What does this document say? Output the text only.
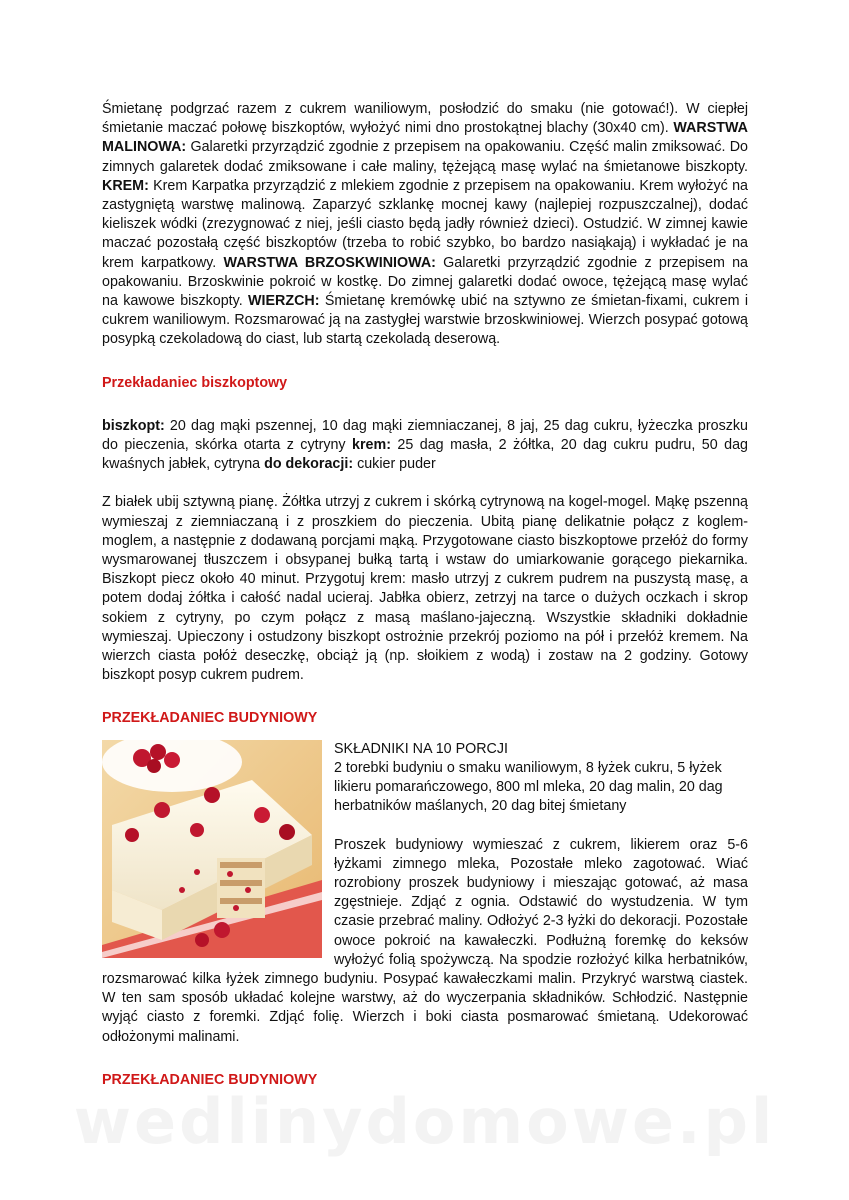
Śmietanę podgrzać razem z cukrem waniliowym, posłodzić do smaku (nie gotować!). W ciepłej śmietanie maczać połowę biszkoptów, wyłożyć nimi dno prostokątnej blachy (30x40 cm). WARSTWA MALINOWA: Galaretki przyrządzić zgodnie z przepisem na opakowaniu. Część malin zmiksować. Do zimnych galaretek dodać zmiksowane i całe maliny, tężejącą masę wylać na śmietanowe biszkopty. KREM: Krem Karpatka przyrządzić z mlekiem zgodnie z przepisem na opakowaniu. Krem wyłożyć na zastygniętą warstwę malinową. Zaparzyć szklankę mocnej kawy (najlepiej rozpuszczalnej), dodać kieliszek wódki (zrezygnować z niej, jeśli ciasto będą jadły również dzieci). Ostudzić. W zimnej kawie maczać pozostałą część biszkoptów (trzeba to robić szybko, bo bardzo nasiąkają) i wykładać je na krem karpatkowy. WARSTWA BRZOSKWINIOWA: Galaretki przyrządzić zgodnie z przepisem na opakowaniu. Brzoskwinie pokroić w kostkę. Do zimnej galaretki dodać owoce, tężejącą masę wylać na kawowe biszkopty. WIERZCH: Śmietanę kremówkę ubić na sztywno ze śmietan-fixami, cukrem i cukrem waniliowym. Rozsmarować ją na zastygłej warstwie brzoskwiniowej. Wierzch posypać gotową posypką czekoladową do ciast, lub startą czekoladą deserową.

Przekładaniec biszkoptowy

biszkopt: 20 dag mąki pszennej, 10 dag mąki ziemniaczanej, 8 jaj, 25 dag cukru, łyżeczka proszku do pieczenia, skórka otarta z cytryny krem: 25 dag masła, 2 żółtka, 20 dag cukru pudru, 50 dag kwaśnych jabłek, cytryna do dekoracji: cukier puder

Z białek ubij sztywną pianę. Żółtka utrzyj z cukrem i skórką cytrynową na kogel-mogel. Mąkę pszenną wymieszaj z ziemniaczaną i z proszkiem do pieczenia. Ubitą pianę delikatnie połącz z koglem-moglem, a następnie z dodawaną porcjami mąką. Przygotowane ciasto biszkoptowe przełóż do formy wysmarowanej tłuszczem i obsypanej bułką tartą i wstaw do umiarkowanie gorącego piekarnika. Biszkopt piecz około 40 minut. Przygotuj krem: masło utrzyj z cukrem pudrem na puszystą masę, a potem dodaj żółtka i całość nadal ucieraj. Jabłka obierz, zetrzyj na tarce o dużych oczkach i skrop sokiem z cytryny, po czym połącz z masą maślano-jajeczną. Wszystkie składniki dokładnie wymieszaj. Upieczony i ostudzony biszkopt ostrożnie przekrój poziomo na pół i przełóż kremem. Na wierzch ciasta połóż deseczkę, obciąż ją (np. słoikiem z wodą) i zostaw na 2 godziny. Gotowy biszkopt posyp cukrem pudrem.

PRZEKŁADANIEC BUDYNIOWY

SKŁADNIKI NA 10 PORCJI

2 torebki budyniu o smaku waniliowym, 8 łyżek cukru, 5 łyżek likieru pomarańczowego, 800 ml mleka, 20 dag malin, 20 dag herbatników maślanych, 20 dag bitej śmietany

Proszek budyniowy wymieszać z cukrem, likierem oraz 5-6 łyżkami zimnego mleka, Pozostałe mleko zagotować. Wiać rozrobiony proszek budyniowy i mieszając gotować, aż masa zgęstnieje. Zdjąć z ognia. Odstawić do wystudzenia. W tym czasie przebrać maliny. Odłożyć 2-3 łyżki do dekoracji. Pozostałe owoce pokroić na kawałeczki. Podłużną foremkę do keksów wyłożyć folią spożywczą. Na spodzie rozłożyć kilka herbatników, rozsmarować kilka łyżek zimnego budyniu. Posypać kawałeczkami malin. Przykryć warstwą ciastek. W ten sam sposób układać kolejne warstwy, aż do wyczerpania składników. Schłodzić. Następnie wyjąć ciasto z foremki. Zdjąć folię. Wierzch i boki ciasta posmarować śmietaną. Udekorować odłożonymi malinami.

PRZEKŁADANIEC BUDYNIOWY
wedlinydomowe.pl
